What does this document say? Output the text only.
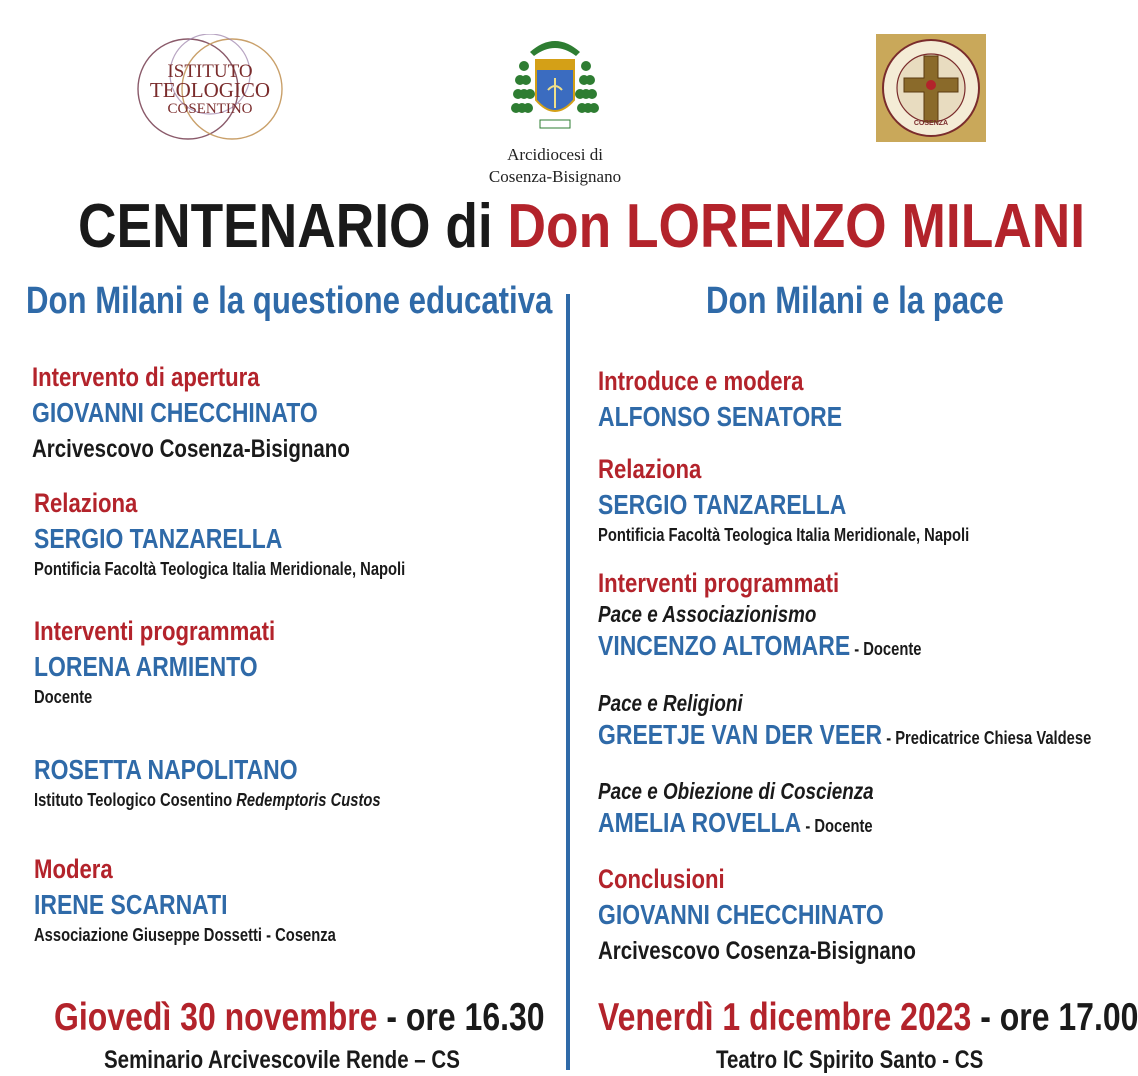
ISTITUTO
TEOLOGICO
COSENTINO
Arcidiocesi di
Cosenza-Bisignano
COSENZA
CENTENARIO di Don LORENZO MILANI
Don Milani e la questione educativa
Intervento di apertura
GIOVANNI CHECCHINATO
Arcivescovo Cosenza-Bisignano
Relaziona
SERGIO TANZARELLA
Pontificia Facoltà Teologica Italia Meridionale, Napoli
Interventi programmati
LORENA ARMIENTO
Docente
ROSETTA NAPOLITANO
Istituto Teologico Cosentino Redemptoris Custos
Modera
IRENE SCARNATI
Associazione Giuseppe Dossetti - Cosenza
Giovedì 30 novembre - ore 16.30
Seminario Arcivescovile Rende – CS
Don Milani e la pace
Introduce e modera
ALFONSO SENATORE
Relaziona
SERGIO TANZARELLA
Pontificia Facoltà Teologica Italia Meridionale, Napoli
Interventi programmati
Pace e Associazionismo
VINCENZO ALTOMARE - Docente
Pace e Religioni
GREETJE VAN DER VEER - Predicatrice Chiesa Valdese
Pace e Obiezione di Coscienza
AMELIA ROVELLA - Docente
Conclusioni
GIOVANNI CHECCHINATO
Arcivescovo Cosenza-Bisignano
Venerdì 1 dicembre 2023 - ore 17.00
Teatro IC Spirito Santo - CS
